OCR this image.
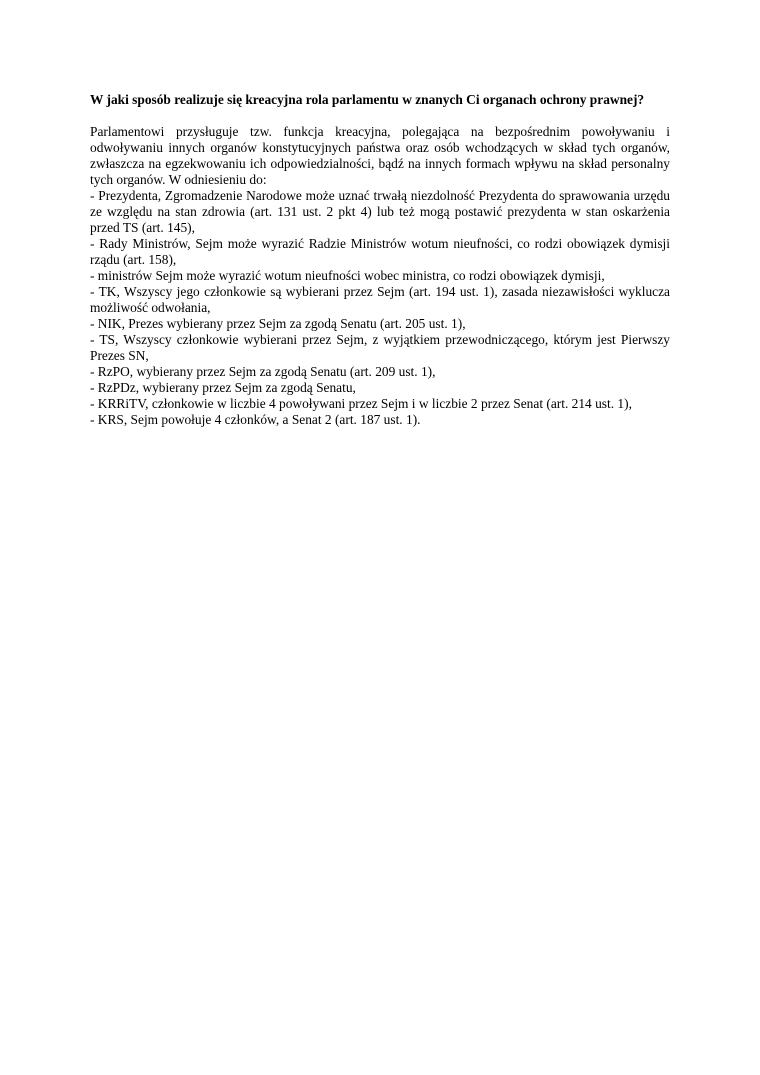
W jaki sposób realizuje się kreacyjna rola parlamentu w znanych Ci organach ochrony prawnej?

Parlamentowi przysługuje tzw. funkcja kreacyjna, polegająca na bezpośrednim powoływaniu i odwoływaniu innych organów konstytucyjnych państwa oraz osób wchodzących w skład tych organów, zwłaszcza na egzekwowaniu ich odpowiedzialności, bądź na innych formach wpływu na skład personalny tych organów. W odniesieniu do:

- Prezydenta, Zgromadzenie Narodowe może uznać trwałą niezdolność Prezydenta do sprawowania urzędu ze względu na stan zdrowia (art. 131 ust. 2 pkt 4) lub też mogą postawić prezydenta w stan oskarżenia przed TS (art. 145),

- Rady Ministrów, Sejm może wyrazić Radzie Ministrów wotum nieufności, co rodzi obowiązek dymisji rządu (art. 158),

- ministrów Sejm może wyrazić wotum nieufności wobec ministra, co rodzi obowiązek dymisji,

- TK, Wszyscy jego członkowie są wybierani przez Sejm (art. 194 ust. 1), zasada niezawisłości wyklucza możliwość odwołania,

- NIK, Prezes wybierany przez Sejm za zgodą Senatu (art. 205 ust. 1),

- TS, Wszyscy członkowie wybierani przez Sejm, z wyjątkiem przewodniczącego, którym jest Pierwszy Prezes SN,

- RzPO, wybierany przez Sejm za zgodą Senatu (art. 209 ust. 1),

- RzPDz, wybierany przez Sejm za zgodą Senatu,

- KRRiTV, członkowie w liczbie 4 powoływani przez Sejm i w liczbie 2 przez Senat (art. 214 ust. 1),

- KRS, Sejm powołuje 4 członków, a Senat 2 (art. 187 ust. 1).
